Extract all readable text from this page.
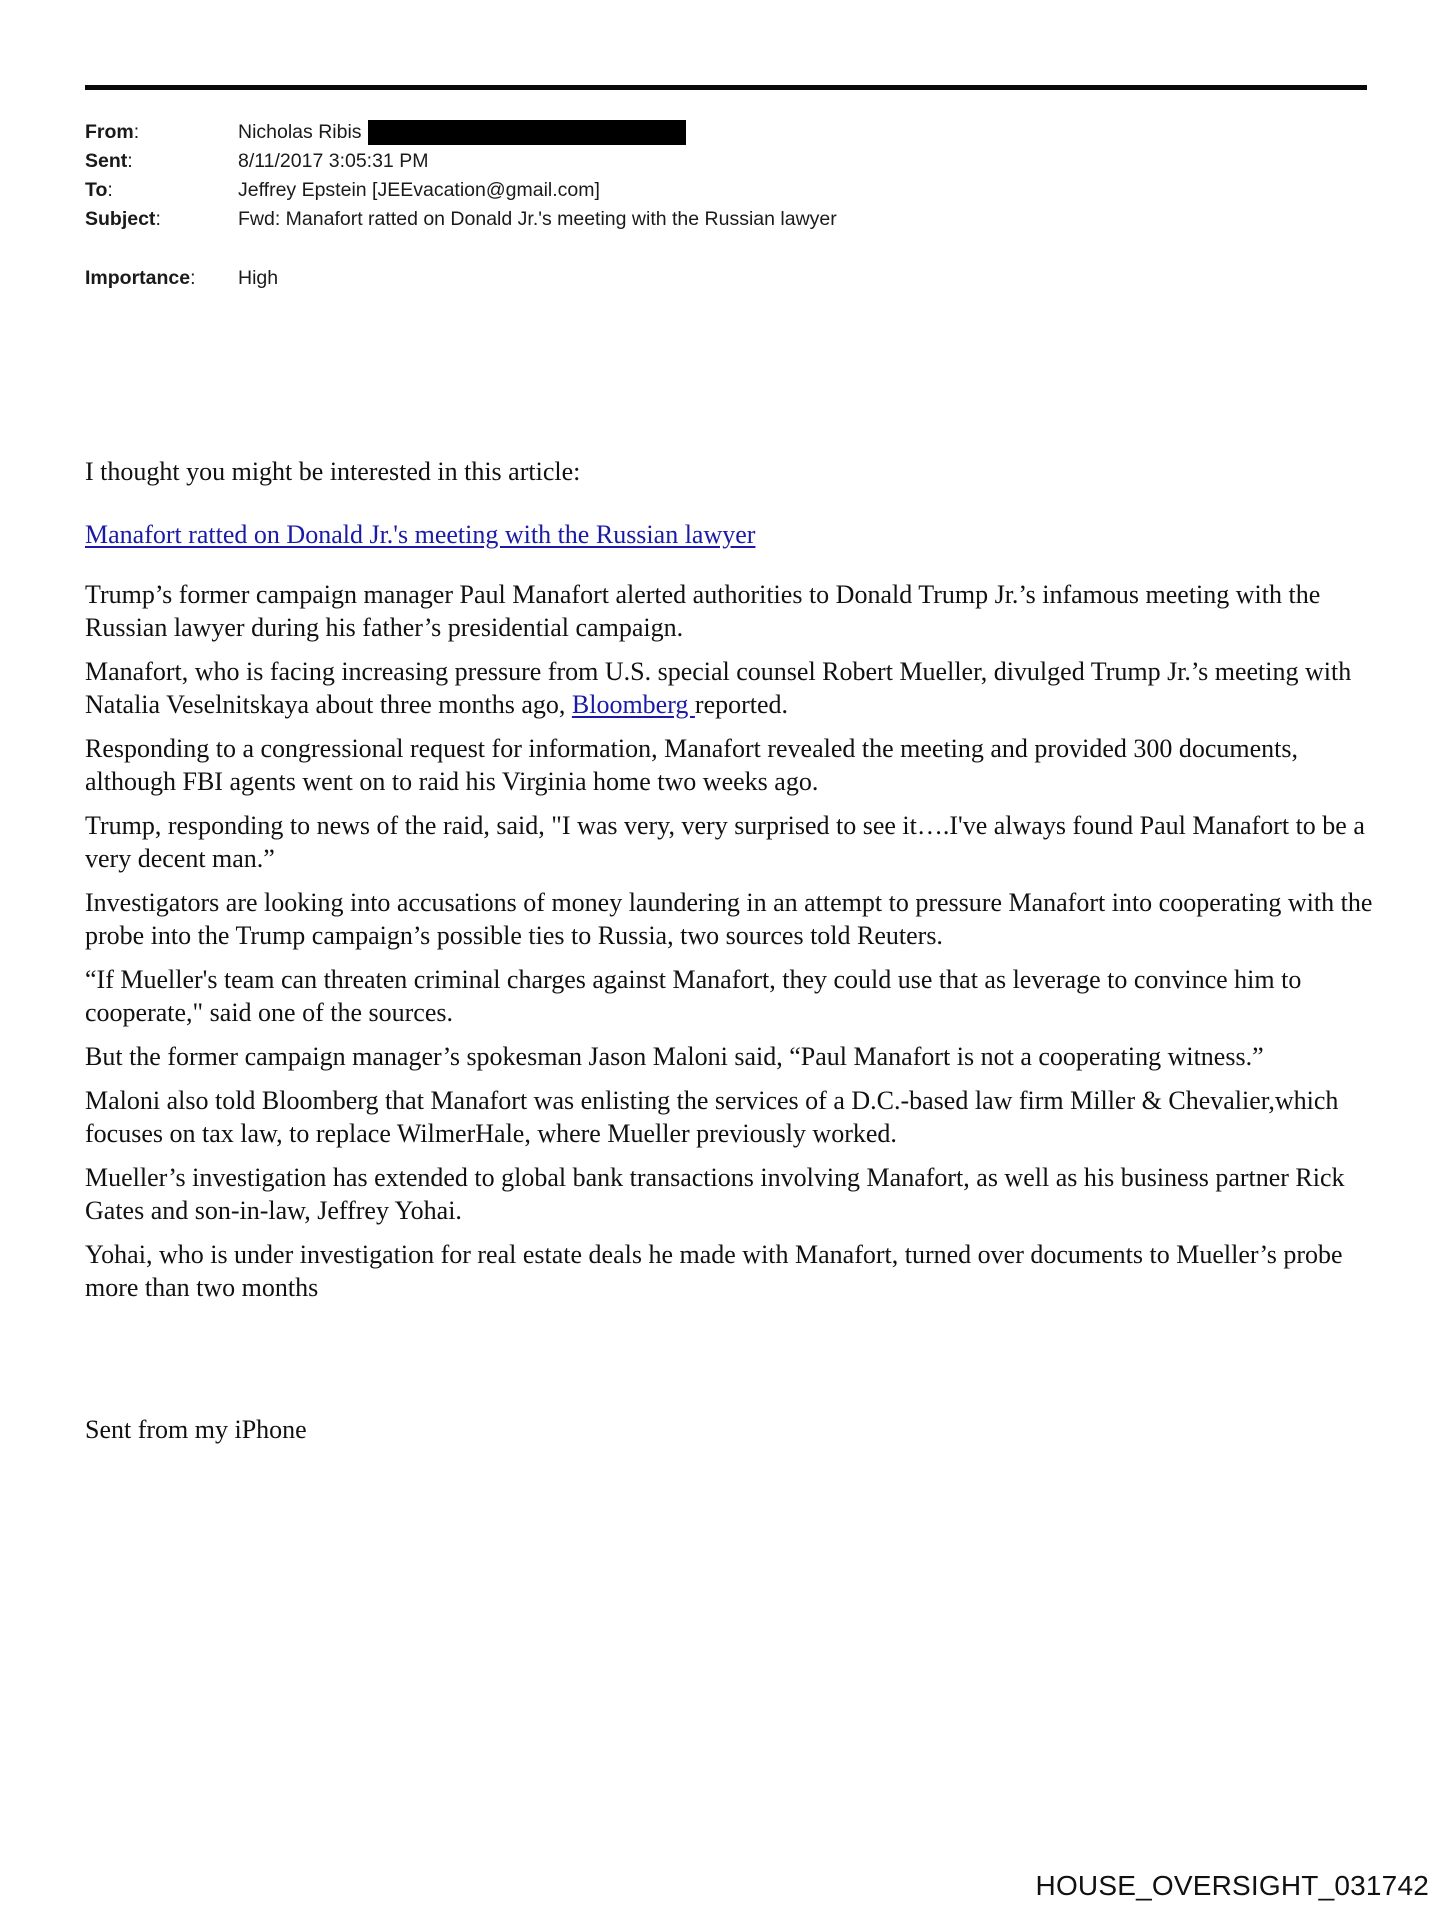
From:	Nicholas Ribis
Sent:	8/11/2017 3:05:31 PM
To:	Jeffrey Epstein [JEEvacation@gmail.com]
Subject:	Fwd: Manafort ratted on Donald Jr.'s meeting with the Russian lawyer
Importance:	High

I thought you might be interested in this article:

Manafort ratted on Donald Jr.'s meeting with the Russian lawyer

Trump’s former campaign manager Paul Manafort alerted authorities to Donald Trump Jr.’s infamous meeting with the Russian lawyer during his father’s presidential campaign.

Manafort, who is facing increasing pressure from U.S. special counsel Robert Mueller, divulged Trump Jr.’s meeting with Natalia Veselnitskaya about three months ago, Bloomberg reported.

Responding to a congressional request for information, Manafort revealed the meeting and provided 300 documents, although FBI agents went on to raid his Virginia home two weeks ago.

Trump, responding to news of the raid, said, "I was very, very surprised to see it….I've always found Paul Manafort to be a very decent man.”

Investigators are looking into accusations of money laundering in an attempt to pressure Manafort into cooperating with the probe into the Trump campaign’s possible ties to Russia, two sources told Reuters.

“If Mueller's team can threaten criminal charges against Manafort, they could use that as leverage to convince him to cooperate," said one of the sources.

But the former campaign manager’s spokesman Jason Maloni said, “Paul Manafort is not a cooperating witness.”

Maloni also told Bloomberg that Manafort was enlisting the services of a D.C.-based law firm Miller & Chevalier,which focuses on tax law, to replace WilmerHale, where Mueller previously worked.

Mueller’s investigation has extended to global bank transactions involving Manafort, as well as his business partner Rick Gates and son-in-law, Jeffrey Yohai.

Yohai, who is under investigation for real estate deals he made with Manafort, turned over documents to Mueller’s probe more than two months

Sent from my iPhone
HOUSE_OVERSIGHT_031742
